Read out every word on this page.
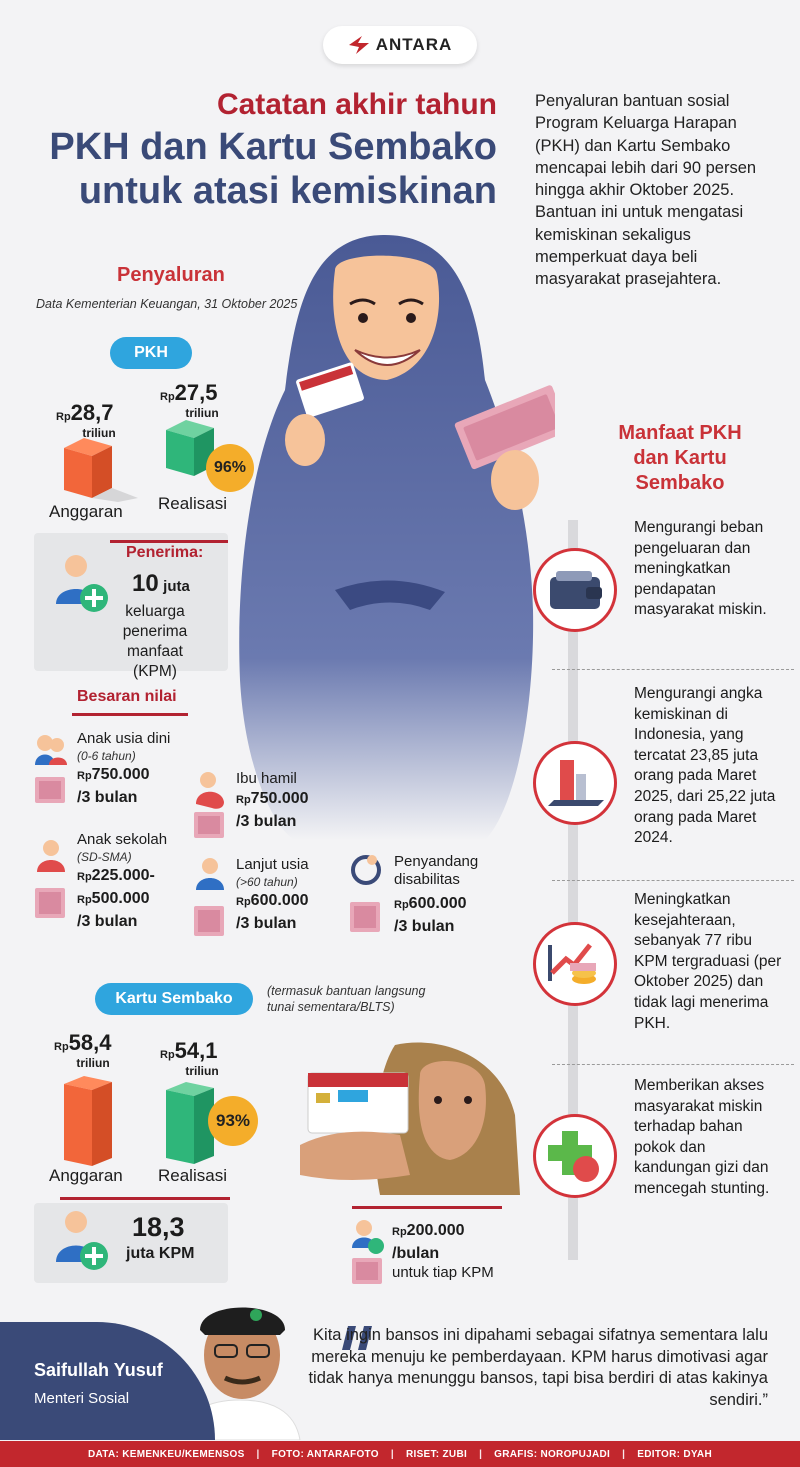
ANTARA
Catatan akhir tahun
PKH dan Kartu Sembako
untuk atasi kemiskinan
Penyaluran bantuan sosial Program Keluarga Harapan (PKH) dan Kartu Sembako mencapai lebih dari 90 persen hingga akhir Oktober 2025. Bantuan ini untuk mengatasi kemiskinan sekaligus memperkuat daya beli masyarakat prasejahtera.
Penyaluran
Data Kementerian Keuangan, 31 Oktober 2025
PKH
Rp28,7
triliun
Anggaran
Rp27,5
triliun
96%
Realisasi
Penerima:
10 juta
keluarga
penerima manfaat
(KPM)
Besaran nilai
Anak usia dini
(0-6 tahun)
Rp750.000
/3 bulan
Ibu hamil
Rp750.000
/3 bulan
Anak sekolah
(SD-SMA)
Rp225.000-
Rp500.000
/3 bulan
Lanjut usia
(>60 tahun)
Rp600.000
/3 bulan
Penyandang
disabilitas
Rp600.000
/3 bulan
Kartu Sembako	(termasuk bantuan langsung
tunai sementara/BLTS)
Rp58,4
triliun
Anggaran
Rp54,1
triliun
93%
Realisasi
18,3
juta KPM
Rp200.000
/bulan
untuk tiap KPM
Manfaat PKH
dan Kartu
Sembako
Mengurangi beban pengeluaran dan meningkatkan pendapatan masyarakat miskin.
Mengurangi angka kemiskinan di Indonesia, yang tercatat 23,85 juta orang pada Maret 2025, dari 25,22 juta orang pada Maret 2024.
Meningkatkan kesejahteraan, sebanyak 77 ribu KPM tergraduasi (per Oktober 2025) dan tidak lagi menerima PKH.
Memberikan akses masyarakat miskin terhadap bahan pokok dan kandungan gizi dan mencegah stunting.
Saifullah Yusuf
Menteri Sosial
Kita ingin bansos ini dipahami sebagai sifatnya sementara lalu mereka menuju ke pemberdayaan. KPM harus dimotivasi agar tidak hanya menunggu bansos, tapi bisa berdiri di atas kakinya sendiri.”
DATA: KEMENKEU/KEMENSOS | FOTO: ANTARAFOTO | RISET: ZUBI | GRAFIS: NOROPUJADI | EDITOR: DYAH
